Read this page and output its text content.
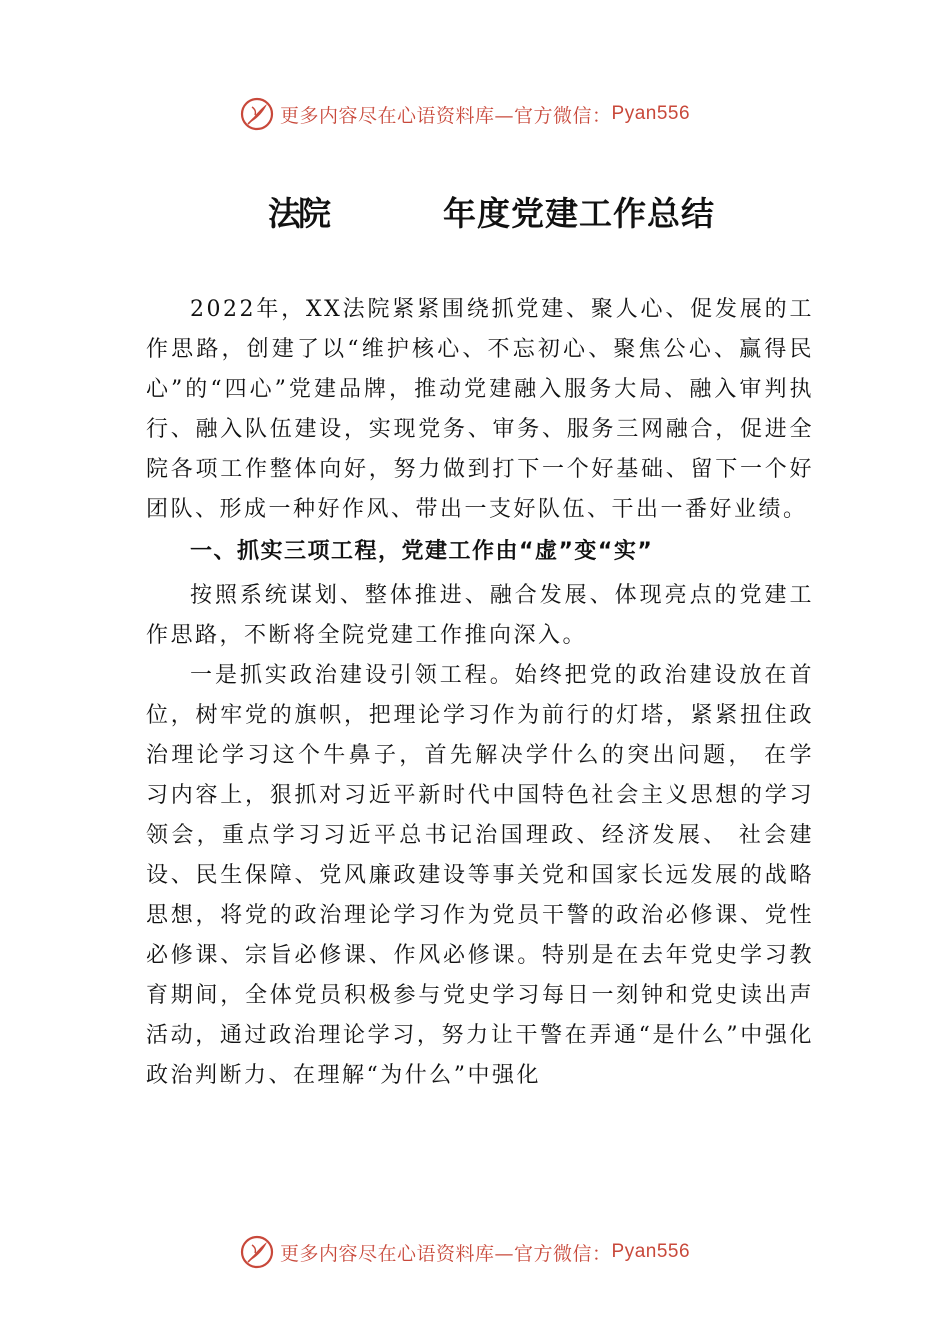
更多内容尽在心语资料库—官方微信： Pyan556
法院	年度党建工作总结

2022年，XX法院紧紧围绕抓党建、聚人心、促发展的工作思路，创建了以“维护核心、不忘初心、聚焦公心、赢得民心”的“四心”党建品牌，推动党建融入服务大局、融入审判执行、融入队伍建设，实现党务、审务、服务三网融合，促进全院各项工作整体向好，努力做到打下一个好基础、留下一个好团队、形成一种好作风、带出一支好队伍、干出一番好业绩。

一、抓实三项工程，党建工作由“虚”变“实”

按照系统谋划、整体推进、融合发展、体现亮点的党建工作思路，不断将全院党建工作推向深入。

一是抓实政治建设引领工程。始终把党的政治建设放在首位，树牢党的旗帜，把理论学习作为前行的灯塔，紧紧扭住政治理论学习这个牛鼻子，首先解决学什么的突出问题， 在学习内容上，狠抓对习近平新时代中国特色社会主义思想的学习领会，重点学习习近平总书记治国理政、经济发展、 社会建设、民生保障、党风廉政建设等事关党和国家长远发展的战略思想，将党的政治理论学习作为党员干警的政治必修课、党性必修课、宗旨必修课、作风必修课。特别是在去年党史学习教育期间，全体党员积极参与党史学习每日一刻钟和党史读出声活动，通过政治理论学习，努力让干警在弄通“是什么”中强化政治判断力、在理解“为什么”中强化

更多内容尽在心语资料库—官方微信： Pyan556
